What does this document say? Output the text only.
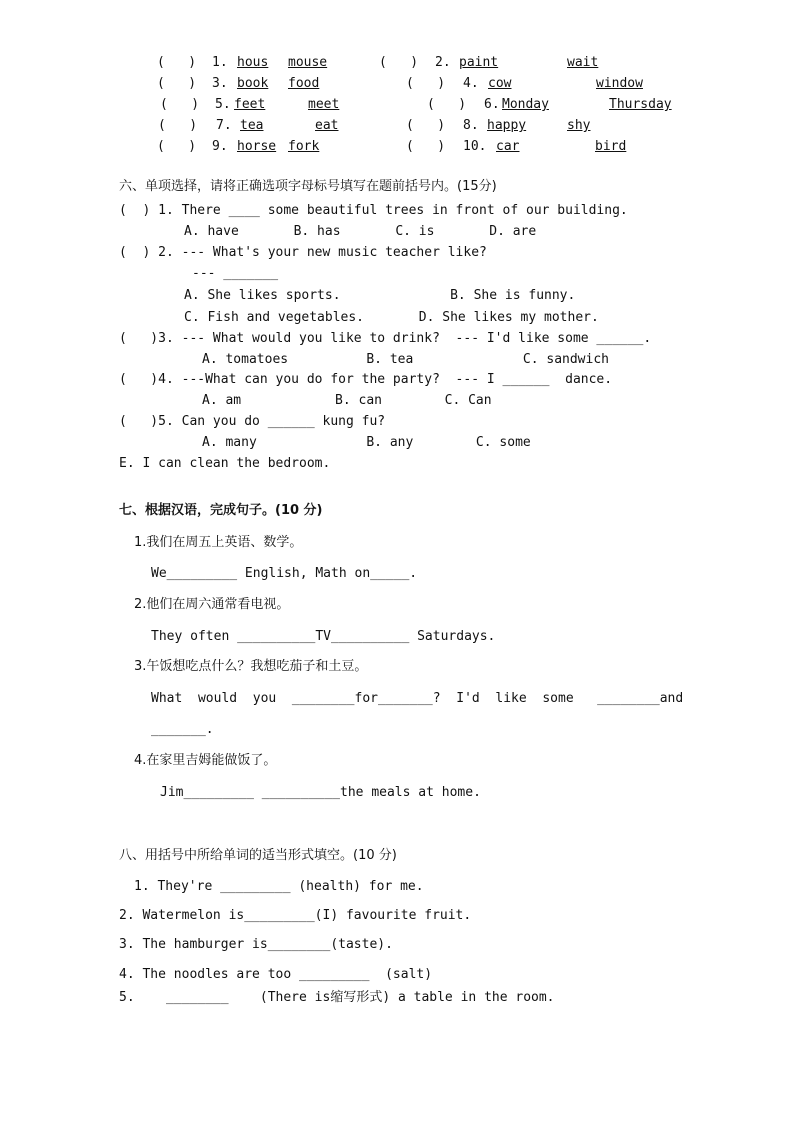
(   ) 1. hous mouse	(   ) 2. paint	wait
(   ) 3. book food	(   ) 4. cow	window
(   ) 5. feet	meet	(   ) 6. Monday	Thursday
(   ) 7. tea	eat	(   ) 8. happy	shy
(   ) 9. horse fork	(   ) 10. car	bird
六、单项选择，请将正确选项字母标号填写在题前括号内。(15分)
(  ) 1. There ____ some beautiful trees in front of our building.
A. have       B. has       C. is       D. are
(  ) 2. --- What's your new music teacher like?
--- _______
A. She likes sports.              B. She is funny.
C. Fish and vegetables.       D. She likes my mother.
(   )3. --- What would you like to drink?  --- I'd like some ______.
A. tomatoes          B. tea              C. sandwich
(   )4. ---What can you do for the party?  --- I ______  dance.
A. am            B. can        C. Can
(   )5. Can you do ______ kung fu?
A. many              B. any        C. some
E. I can clean the bedroom.
七、根据汉语，完成句子。(10 分)
1.我们在周五上英语、数学。
We_________ English, Math on_____.
2.他们在周六通常看电视。
They often __________TV__________ Saturdays.
3.午饭想吃点什么？我想吃茄子和土豆。
What  would  you  ________for_______?  I'd  like  some   ________and
_______.
4.在家里吉姆能做饭了。
Jim_________ __________the meals at home.
八、用括号中所给单词的适当形式填空。(10 分)
1. They're _________ (health) for me.
2. Watermelon is_________(I) favourite fruit.
3. The hamburger is________(taste).
4. The noodles are too _________  (salt)
5.    ________    (There is缩写形式) a table in the room.
